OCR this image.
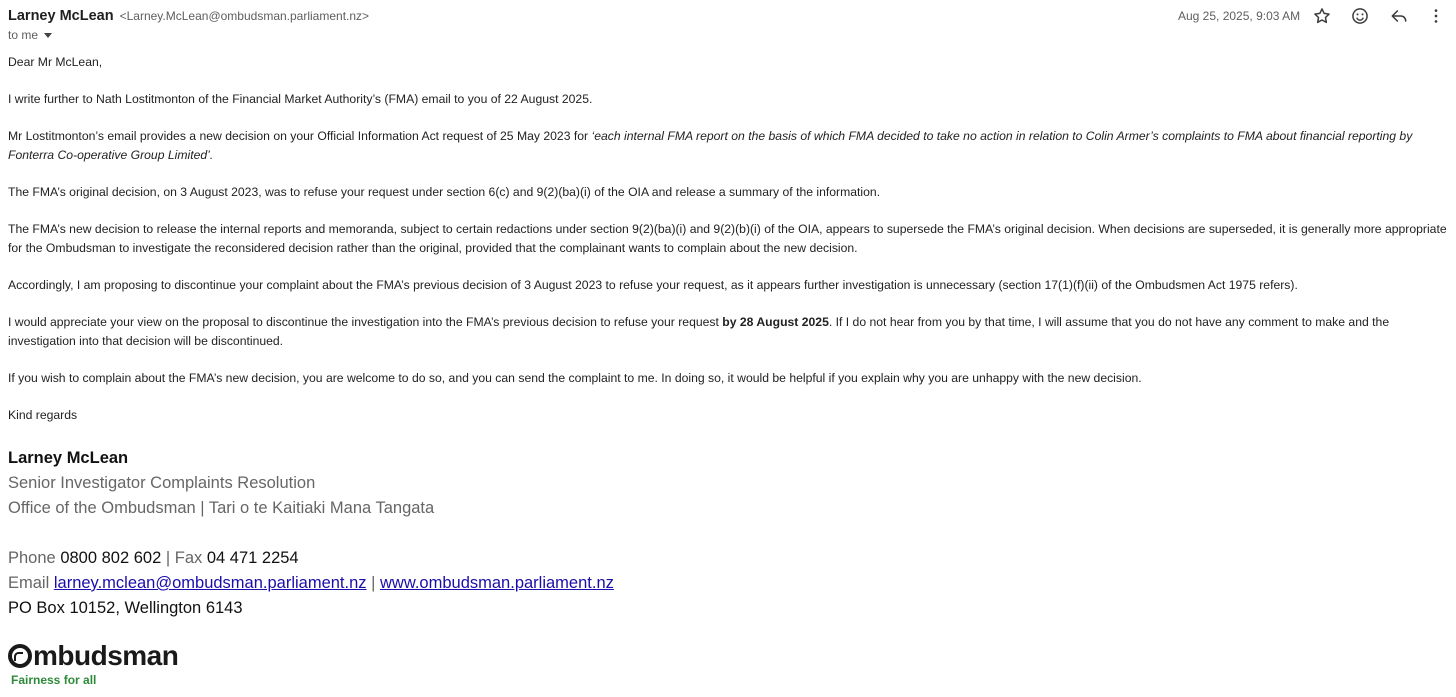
Larney McLean <Larney.McLean@ombudsman.parliament.nz>
to me
Aug 25, 2025, 9:03 AM

Dear Mr McLean,

I write further to Nath Lostitmonton of the Financial Market Authority’s (FMA) email to you of 22 August 2025.

Mr Lostitmonton’s email provides a new decision on your Official Information Act request of 25 May 2023 for ‘each internal FMA report on the basis of which FMA decided to take no action in relation to Colin Armer’s complaints to FMA about financial reporting by Fonterra Co-operative Group Limited’.

The FMA’s original decision, on 3 August 2023, was to refuse your request under section 6(c) and 9(2)(ba)(i) of the OIA and release a summary of the information.

The FMA’s new decision to release the internal reports and memoranda, subject to certain redactions under section 9(2)(ba)(i) and 9(2)(b)(i) of the OIA, appears to supersede the FMA’s original decision. When decisions are superseded, it is generally more appropriate for the Ombudsman to investigate the reconsidered decision rather than the original, provided that the complainant wants to complain about the new decision.

Accordingly, I am proposing to discontinue your complaint about the FMA’s previous decision of 3 August 2023 to refuse your request, as it appears further investigation is unnecessary (section 17(1)(f)(ii) of the Ombudsmen Act 1975 refers).

I would appreciate your view on the proposal to discontinue the investigation into the FMA’s previous decision to refuse your request by 28 August 2025. If I do not hear from you by that time, I will assume that you do not have any comment to make and the investigation into that decision will be discontinued.

If you wish to complain about the FMA’s new decision, you are welcome to do so, and you can send the complaint to me. In doing so, it would be helpful if you explain why you are unhappy with the new decision.

Kind regards

Larney McLean
Senior Investigator Complaints Resolution
Office of the Ombudsman | Tari o te Kaitiaki Mana Tangata
Phone 0800 802 602 | Fax 04 471 2254
Email larney.mclean@ombudsman.parliament.nz | www.ombudsman.parliament.nz
PO Box 10152, Wellington 6143
mbudsman
Fairness for all
